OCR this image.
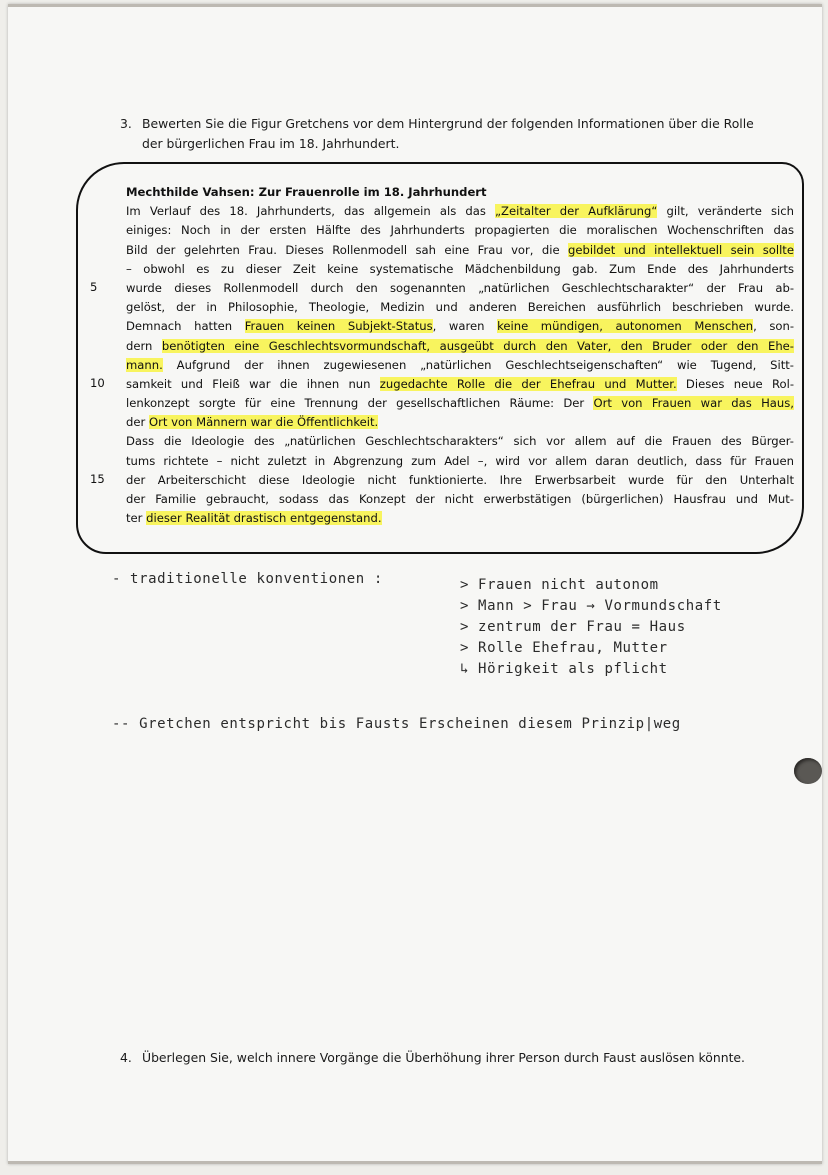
3. Bewerten Sie die Figur Gretchens vor dem Hintergrund der folgenden Informationen über die Rolle
der bürgerlichen Frau im 18. Jahrhundert.
Mechthilde Vahsen: Zur Frauenrolle im 18. Jahrhundert
Im Verlauf des 18. Jahrhunderts, das allgemein als das „Zeitalter der Aufklärung“ gilt, veränderte sich
einiges: Noch in der ersten Hälfte des Jahrhunderts propagierten die moralischen Wochenschriften das
Bild der gelehrten Frau. Dieses Rollenmodell sah eine Frau vor, die gebildet und intellektuell sein sollte
– obwohl es zu dieser Zeit keine systematische Mädchenbildung gab. Zum Ende des Jahrhunderts
wurde dieses Rollenmodell durch den sogenannten „natürlichen Geschlechtscharakter“ der Frau ab-
gelöst, der in Philosophie, Theologie, Medizin und anderen Bereichen ausführlich beschrieben wurde.
Demnach hatten Frauen keinen Subjekt-Status, waren keine mündigen, autonomen Menschen, son-
dern benötigten eine Geschlechtsvormundschaft, ausgeübt durch den Vater, den Bruder oder den Ehe-
mann. Aufgrund der ihnen zugewiesenen „natürlichen Geschlechtseigenschaften“ wie Tugend, Sitt-
samkeit und Fleiß war die ihnen nun zugedachte Rolle die der Ehefrau und Mutter. Dieses neue Rol-
lenkonzept sorgte für eine Trennung der gesellschaftlichen Räume: Der Ort von Frauen war das Haus,
der Ort von Männern war die Öffentlichkeit.
Dass die Ideologie des „natürlichen Geschlechtscharakters“ sich vor allem auf die Frauen des Bürger-
tums richtete – nicht zuletzt in Abgrenzung zum Adel –, wird vor allem daran deutlich, dass für Frauen
der Arbeiterschicht diese Ideologie nicht funktionierte. Ihre Erwerbsarbeit wurde für den Unterhalt
der Familie gebraucht, sodass das Konzept der nicht erwerbstätigen (bürgerlichen) Hausfrau und Mut-
ter dieser Realität drastisch entgegenstand.
5
10
15
- traditionelle konventionen :	> Frauen nicht autonom
> Mann > Frau → Vormundschaft
> zentrum der Frau = Haus
> Rolle Ehefrau, Mutter
↳ Hörigkeit als pflicht
-- Gretchen entspricht bis Fausts Erscheinen diesem Prinzip|weg
4. Überlegen Sie, welch innere Vorgänge die Überhöhung ihrer Person durch Faust auslösen könnte.
